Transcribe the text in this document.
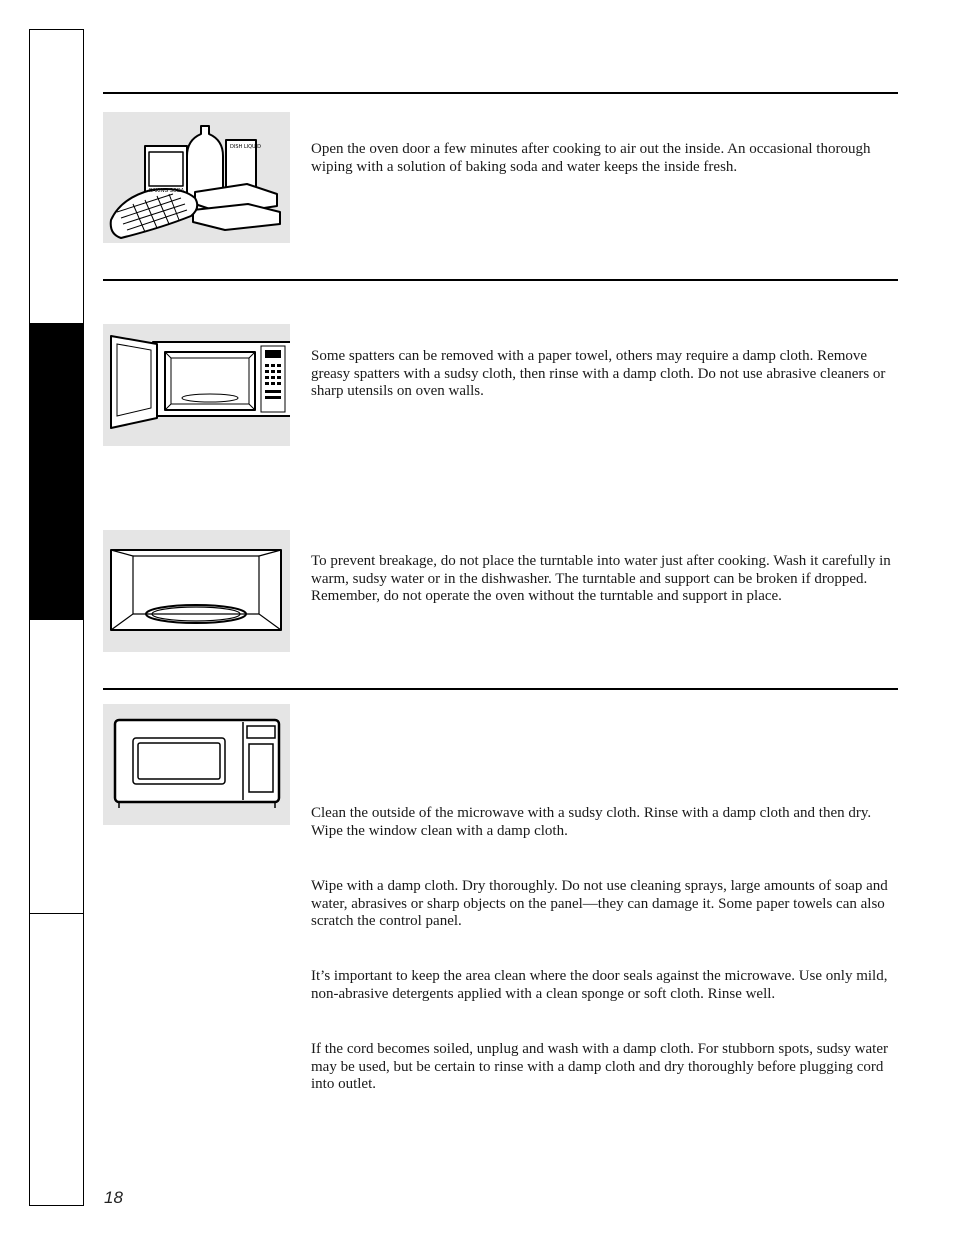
DISH LIQUID
BAKING SODA

Open the oven door a few minutes after cooking to air out the inside. An occasional thorough wiping with a solution of baking soda and water keeps the inside fresh.

Some spatters can be removed with a paper towel, others may require a damp cloth. Remove greasy spatters with a sudsy cloth, then rinse with a damp cloth. Do not use abrasive cleaners or sharp utensils on oven walls.

To prevent breakage, do not place the turntable into water just after cooking. Wash it carefully in warm, sudsy water or in the dishwasher. The turntable and support can be broken if dropped. Remember, do not operate the oven without the turntable and support in place.

Clean the outside of the microwave with a sudsy cloth. Rinse with a damp cloth and then dry. Wipe the window clean with a damp cloth.

Wipe with a damp cloth. Dry thoroughly. Do not use cleaning sprays, large amounts of soap and water, abrasives or sharp objects on the panel—they can damage it. Some paper towels can also scratch the control panel.

It’s important to keep the area clean where the door seals against the microwave. Use only mild, non-abrasive detergents applied with a clean sponge or soft cloth. Rinse well.

If the cord becomes soiled, unplug and wash with a damp cloth. For stubborn spots, sudsy water may be used, but be certain to rinse with a damp cloth and dry thoroughly before plugging cord into outlet.

18
